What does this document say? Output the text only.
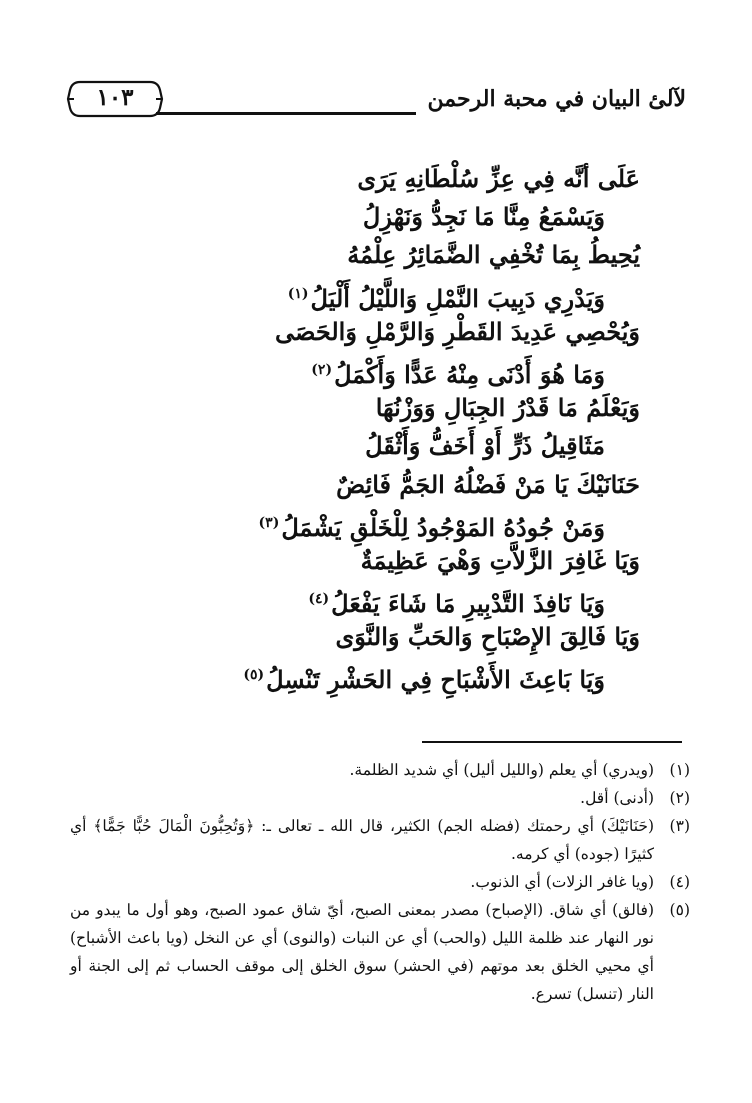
لآلئ البيان في محبة الرحمن
١٠٣
عَلَى أنَّه فِي عِزِّ سُلْطَانِهِ يَرَى
وَيَسْمَعُ مِنَّا مَا نَجِدُّ وَنَهْزِلُ
يُحِيطُ بِمَا تُخْفِي الضَّمَائِرُ عِلْمُهُ
وَيَدْرِي دَبِيبَ النَّمْلِ وَاللَّيْلُ أَلْيَلُ$^{(١)}$
وَيُحْصِي عَدِيدَ القَطْرِ وَالرَّمْلِ وَالحَصَى
وَمَا هُوَ أَدْنَى مِنْهُ عَدًّا وَأَكْمَلُ$^{(٢)}$
وَيَعْلَمُ مَا قَدْرُ الجِبَالِ وَوَزْنُهَا
مَثَاقِيلُ ذَرٍّ أَوْ أَخَفُّ وَأَثْقَلُ
حَنَانَيْكَ يَا مَنْ فَضْلُهُ الجَمُّ فَائِضٌ
وَمَنْ جُودُهُ المَوْجُودُ لِلْخَلْقِ يَشْمَلُ$^{(٣)}$
وَيَا غَافِرَ الزَّلاَّتِ وَهْيَ عَظِيمَةٌ
وَيَا نَافِذَ التَّدْبِيرِ مَا شَاءَ يَفْعَلُ$^{(٤)}$
وَيَا فَالِقَ الإِصْبَاحِ وَالحَبِّ وَالنَّوَى
وَيَا بَاعِثَ الأَشْبَاحِ فِي الحَشْرِ تَنْسِلُ$^{(٥)}$
(١)
(ويدري) أي يعلم (والليل أليل) أي شديد الظلمة.
(٢)
(أدنى) أقل.
(٣)
(حَنَانَيْكَ) أي رحمتك (فضله الجم) الكثير، قال الله ـ تعالى ـ: ﴿وَتُحِبُّونَ الْمَالَ حُبًّا جَمًّا﴾ أي كثيرًا (جوده) أي كرمه.
(٤)
(ويا غافر الزلات) أي الذنوب.
(٥)
(فالق) أي شاق. (الإصباح) مصدر بمعنى الصبح، أيّ شاق عمود الصبح، وهو أول ما يبدو من نور النهار عند ظلمة الليل (والحب) أي عن النبات (والنوى) أي عن النخل (ويا باعث الأشباح) أي محيي الخلق بعد موتهم (في الحشر) سوق الخلق إلى موقف الحساب ثم إلى الجنة أو النار (تنسل) تسرع.
